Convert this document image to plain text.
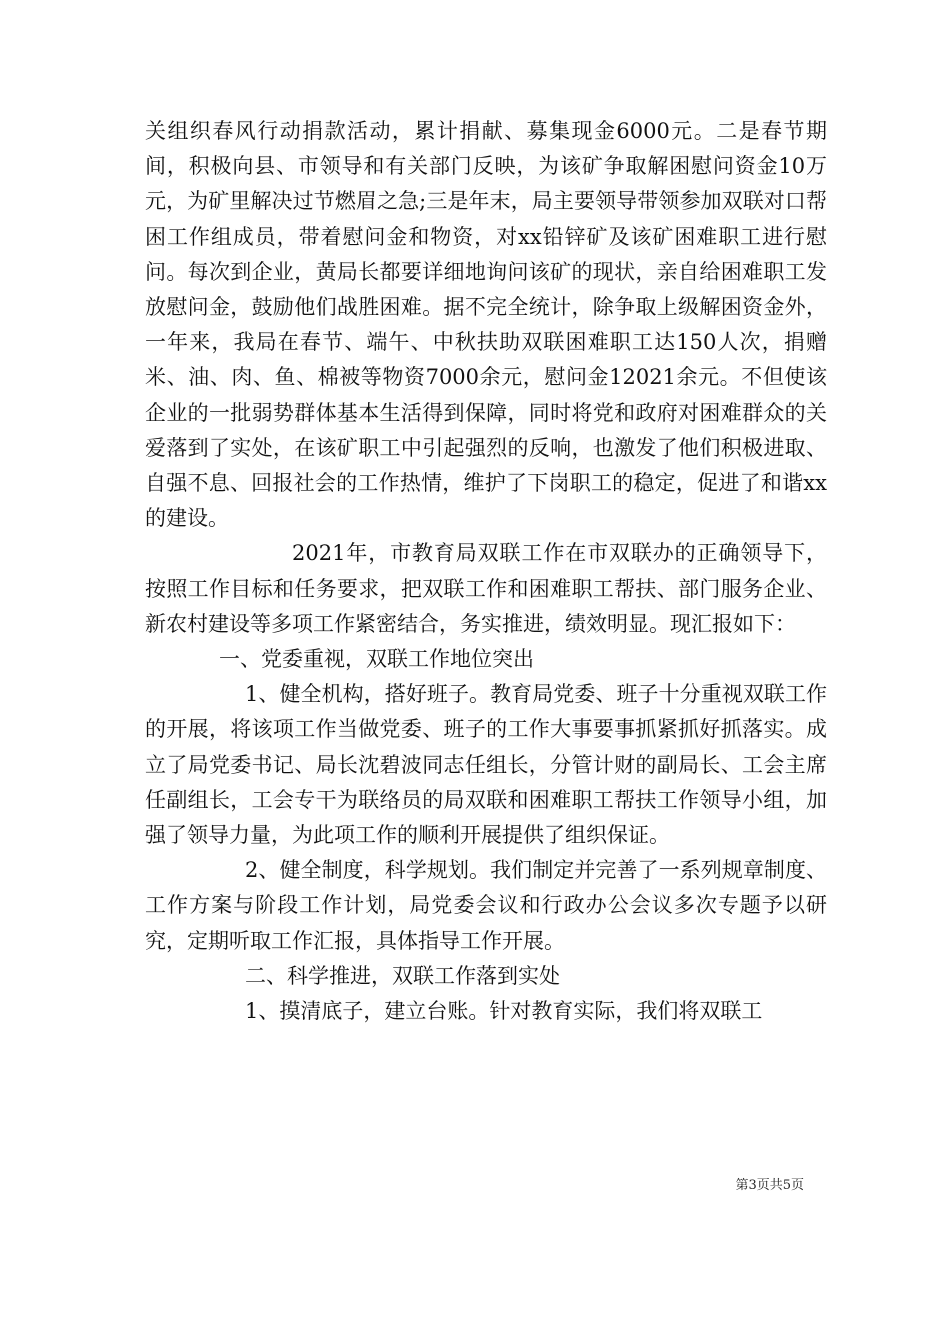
关组织春风行动捐款活动，累计捐献、募集现金6000元。二是春节期间，积极向县、市领导和有关部门反映，为该矿争取解困慰问资金10万元，为矿里解决过节燃眉之急;三是年末，局主要领导带领参加双联对口帮困工作组成员，带着慰问金和物资，对xx铅锌矿及该矿困难职工进行慰问。每次到企业，黄局长都要详细地询问该矿的现状，亲自给困难职工发放慰问金，鼓励他们战胜困难。据不完全统计，除争取上级解困资金外，一年来，我局在春节、端午、中秋扶助双联困难职工达150人次，捐赠米、油、肉、鱼、棉被等物资7000余元，慰问金12021余元。不但使该企业的一批弱势群体基本生活得到保障，同时将党和政府对困难群众的关爱落到了实处，在该矿职工中引起强烈的反响，也激发了他们积极进取、自强不息、回报社会的工作热情，维护了下岗职工的稳定，促进了和谐xx的建设。

2021年，市教育局双联工作在市双联办的正确领导下，按照工作目标和任务要求，把双联工作和困难职工帮扶、部门服务企业、新农村建设等多项工作紧密结合，务实推进，绩效明显。现汇报如下：

一、党委重视，双联工作地位突出

1、健全机构，搭好班子。教育局党委、班子十分重视双联工作的开展，将该项工作当做党委、班子的工作大事要事抓紧抓好抓落实。成立了局党委书记、局长沈碧波同志任组长，分管计财的副局长、工会主席任副组长，工会专干为联络员的局双联和困难职工帮扶工作领导小组，加强了领导力量，为此项工作的顺利开展提供了组织保证。

2、健全制度，科学规划。我们制定并完善了一系列规章制度、工作方案与阶段工作计划，局党委会议和行政办公会议多次专题予以研究，定期听取工作汇报，具体指导工作开展。

二、科学推进，双联工作落到实处

1、摸清底子，建立台账。针对教育实际，我们将双联工

第3页共5页
